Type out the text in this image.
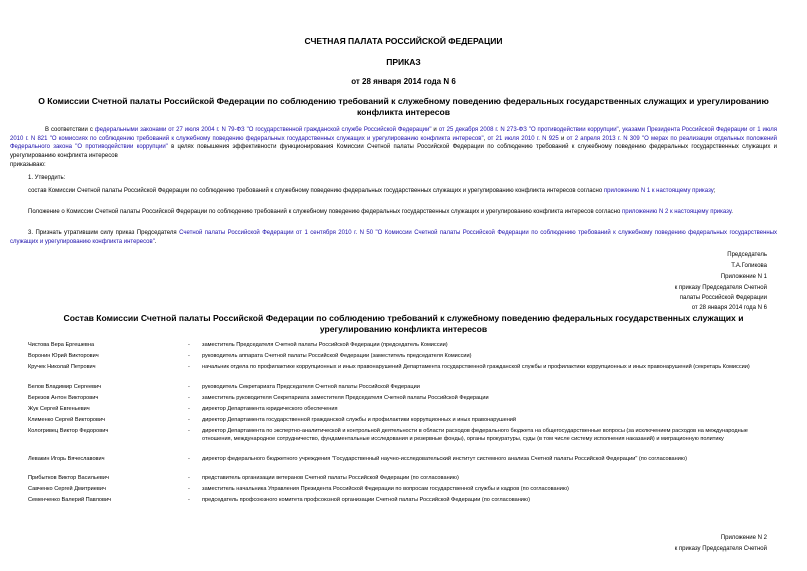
СЧЕТНАЯ ПАЛАТА РОССИЙСКОЙ ФЕДЕРАЦИИ
ПРИКАЗ
от 28 января 2014 года N 6
О Комиссии Счетной палаты Российской Федерации по соблюдению требований к служебному поведению федеральных государственных служащих и урегулированию конфликта интересов
В соответствии с федеральными законами от 27 июля 2004 г. N 79-ФЗ "О государственной гражданской службе Российской Федерации" и от 25 декабря 2008 г. N 273-ФЗ "О противодействии коррупции", указами Президента Российской Федерации от 1 июля 2010 г. N 821 "О комиссиях по соблюдению требований к служебному поведению федеральных государственных служащих и урегулированию конфликта интересов", от 21 июля 2010 г. N 925 и от 2 апреля 2013 г. N 309 "О мерах по реализации отдельных положений Федерального закона "О противодействии коррупции" в целях повышения эффективности функционирования Комиссии Счетной палаты Российской Федерации по соблюдению требований к служебному поведению федеральных государственных служащих и урегулированию конфликта интересов
приказываю:
1. Утвердить:
состав Комиссии Счетной палаты Российской Федерации по соблюдению требований к служебному поведению федеральных государственных служащих и урегулированию конфликта интересов согласно приложению N 1 к настоящему приказу;
Положение о Комиссии Счетной палаты Российской Федерации по соблюдению требований к служебному поведению федеральных государственных служащих и урегулированию конфликта интересов согласно приложению N 2 к настоящему приказу.
3. Признать утратившим силу приказ Председателя Счетной палаты Российской Федерации от 1 сентября 2010 г. N 50 "О Комиссии Счетной палаты Российской Федерации по соблюдению требований к служебному поведению федеральных государственных служащих и урегулированию конфликта интересов".
Председатель
Т.А.Голикова
Приложение N 1
к приказу Председателя Счетной
палаты Российской Федерации
от 28 января 2014 года N 6
Состав Комиссии Счетной палаты Российской Федерации по соблюдению требований к служебному поведению федеральных государственных служащих и урегулированию конфликта интересов
Чистова Вера Ергешевна	-	заместитель Председателя Счетной палаты Российской Федерации (председатель Комиссии)
Воронин Юрий Викторович	-	руководитель аппарата Счетной палаты Российской Федерации (заместитель председателя Комиссии)
Кручек Николай Петрович	-	начальник отдела по профилактике коррупционных и иных правонарушений Департамента государственной гражданской службы и профилактики коррупционных и иных правонарушений (секретарь Комиссии)
Белов Владимир Сергеевич	-	руководитель Секретариата Председателя Счетной палаты Российской Федерации
Березов Антон Викторович	-	заместитель руководителя Секретариата заместителя Председателя Счетной палаты Российской Федерации
Жук Сергей Евгеньевич	-	директор Департамента юридического обеспечения
Клименко Сергей Викторович	-	директор Департамента государственной гражданской службы и профилактики коррупционных и иных правонарушений
Кологривец Виктор Федорович	-	директор Департамента по экспертно-аналитической и контрольной деятельности в области расходов федерального бюджета на общегосударственные вопросы (за исключением расходов на международные отношения, международное сотрудничество, фундаментальные исследования и резервные фонды), органы прокуратуры, суды (в том числе систему исполнения наказаний) и миграционную политику
Левакин Игорь Вячеславович	-	директор федерального бюджетного учреждения "Государственный научно-исследовательский институт системного анализа Счетной палаты Российской Федерации" (по согласованию)
Прибытков Виктор Васильевич	-	представитель организации ветеранов Счетной палаты Российской Федерации (по согласованию)
Савченко Сергей Дмитриевич	-	заместитель начальника Управления Президента Российской Федерации по вопросам государственной службы и кадров (по согласованию)
Семенченко Валерий Павлович	-	председатель профсоюзного комитета профсоюзной организации Счетной палаты Российской Федерации (по согласованию)
Приложение N 2
к приказу Председателя Счетной
